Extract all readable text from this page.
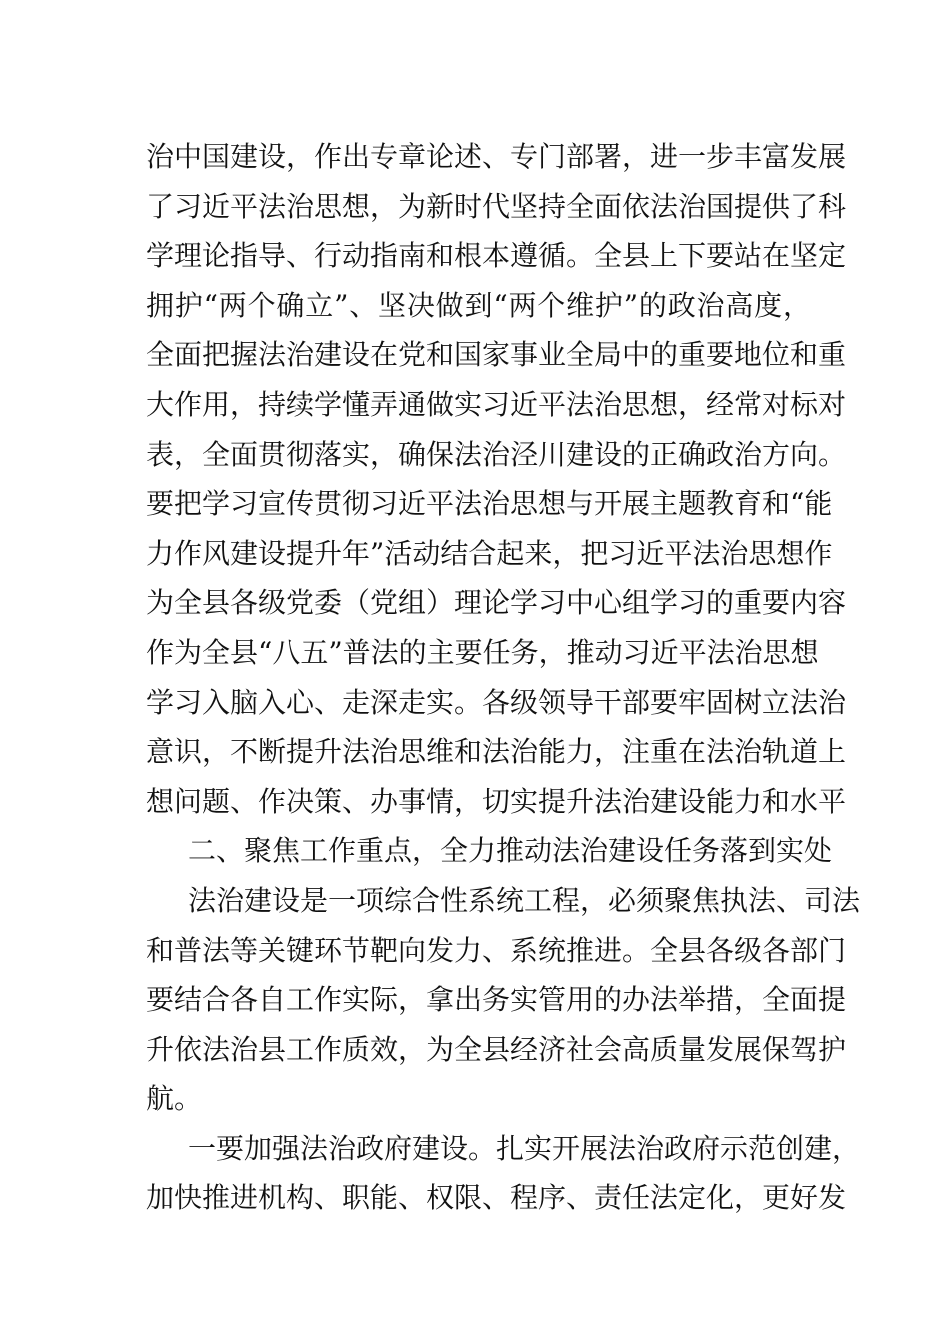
治中国建设，作出专章论述、专门部署，进一步丰富发展
了习近平法治思想，为新时代坚持全面依法治国提供了科
学理论指导、行动指南和根本遵循。全县上下要站在坚定
拥护“两个确立”、坚决做到“两个维护”的政治高度，
全面把握法治建设在党和国家事业全局中的重要地位和重
大作用，持续学懂弄通做实习近平法治思想，经常对标对
表，全面贯彻落实，确保法治泾川建设的正确政治方向。
要把学习宣传贯彻习近平法治思想与开展主题教育和“能
力作风建设提升年”活动结合起来，把习近平法治思想作
为全县各级党委（党组）理论学习中心组学习的重要内容
作为全县“八五”普法的主要任务，推动习近平法治思想
学习入脑入心、走深走实。各级领导干部要牢固树立法治
意识，不断提升法治思维和法治能力，注重在法治轨道上
想问题、作决策、办事情，切实提升法治建设能力和水平
二、聚焦工作重点，全力推动法治建设任务落到实处
法治建设是一项综合性系统工程，必须聚焦执法、司法
和普法等关键环节靶向发力、系统推进。全县各级各部门
要结合各自工作实际，拿出务实管用的办法举措，全面提
升依法治县工作质效，为全县经济社会高质量发展保驾护
航。
一要加强法治政府建设。扎实开展法治政府示范创建，
加快推进机构、职能、权限、程序、责任法定化，更好发
